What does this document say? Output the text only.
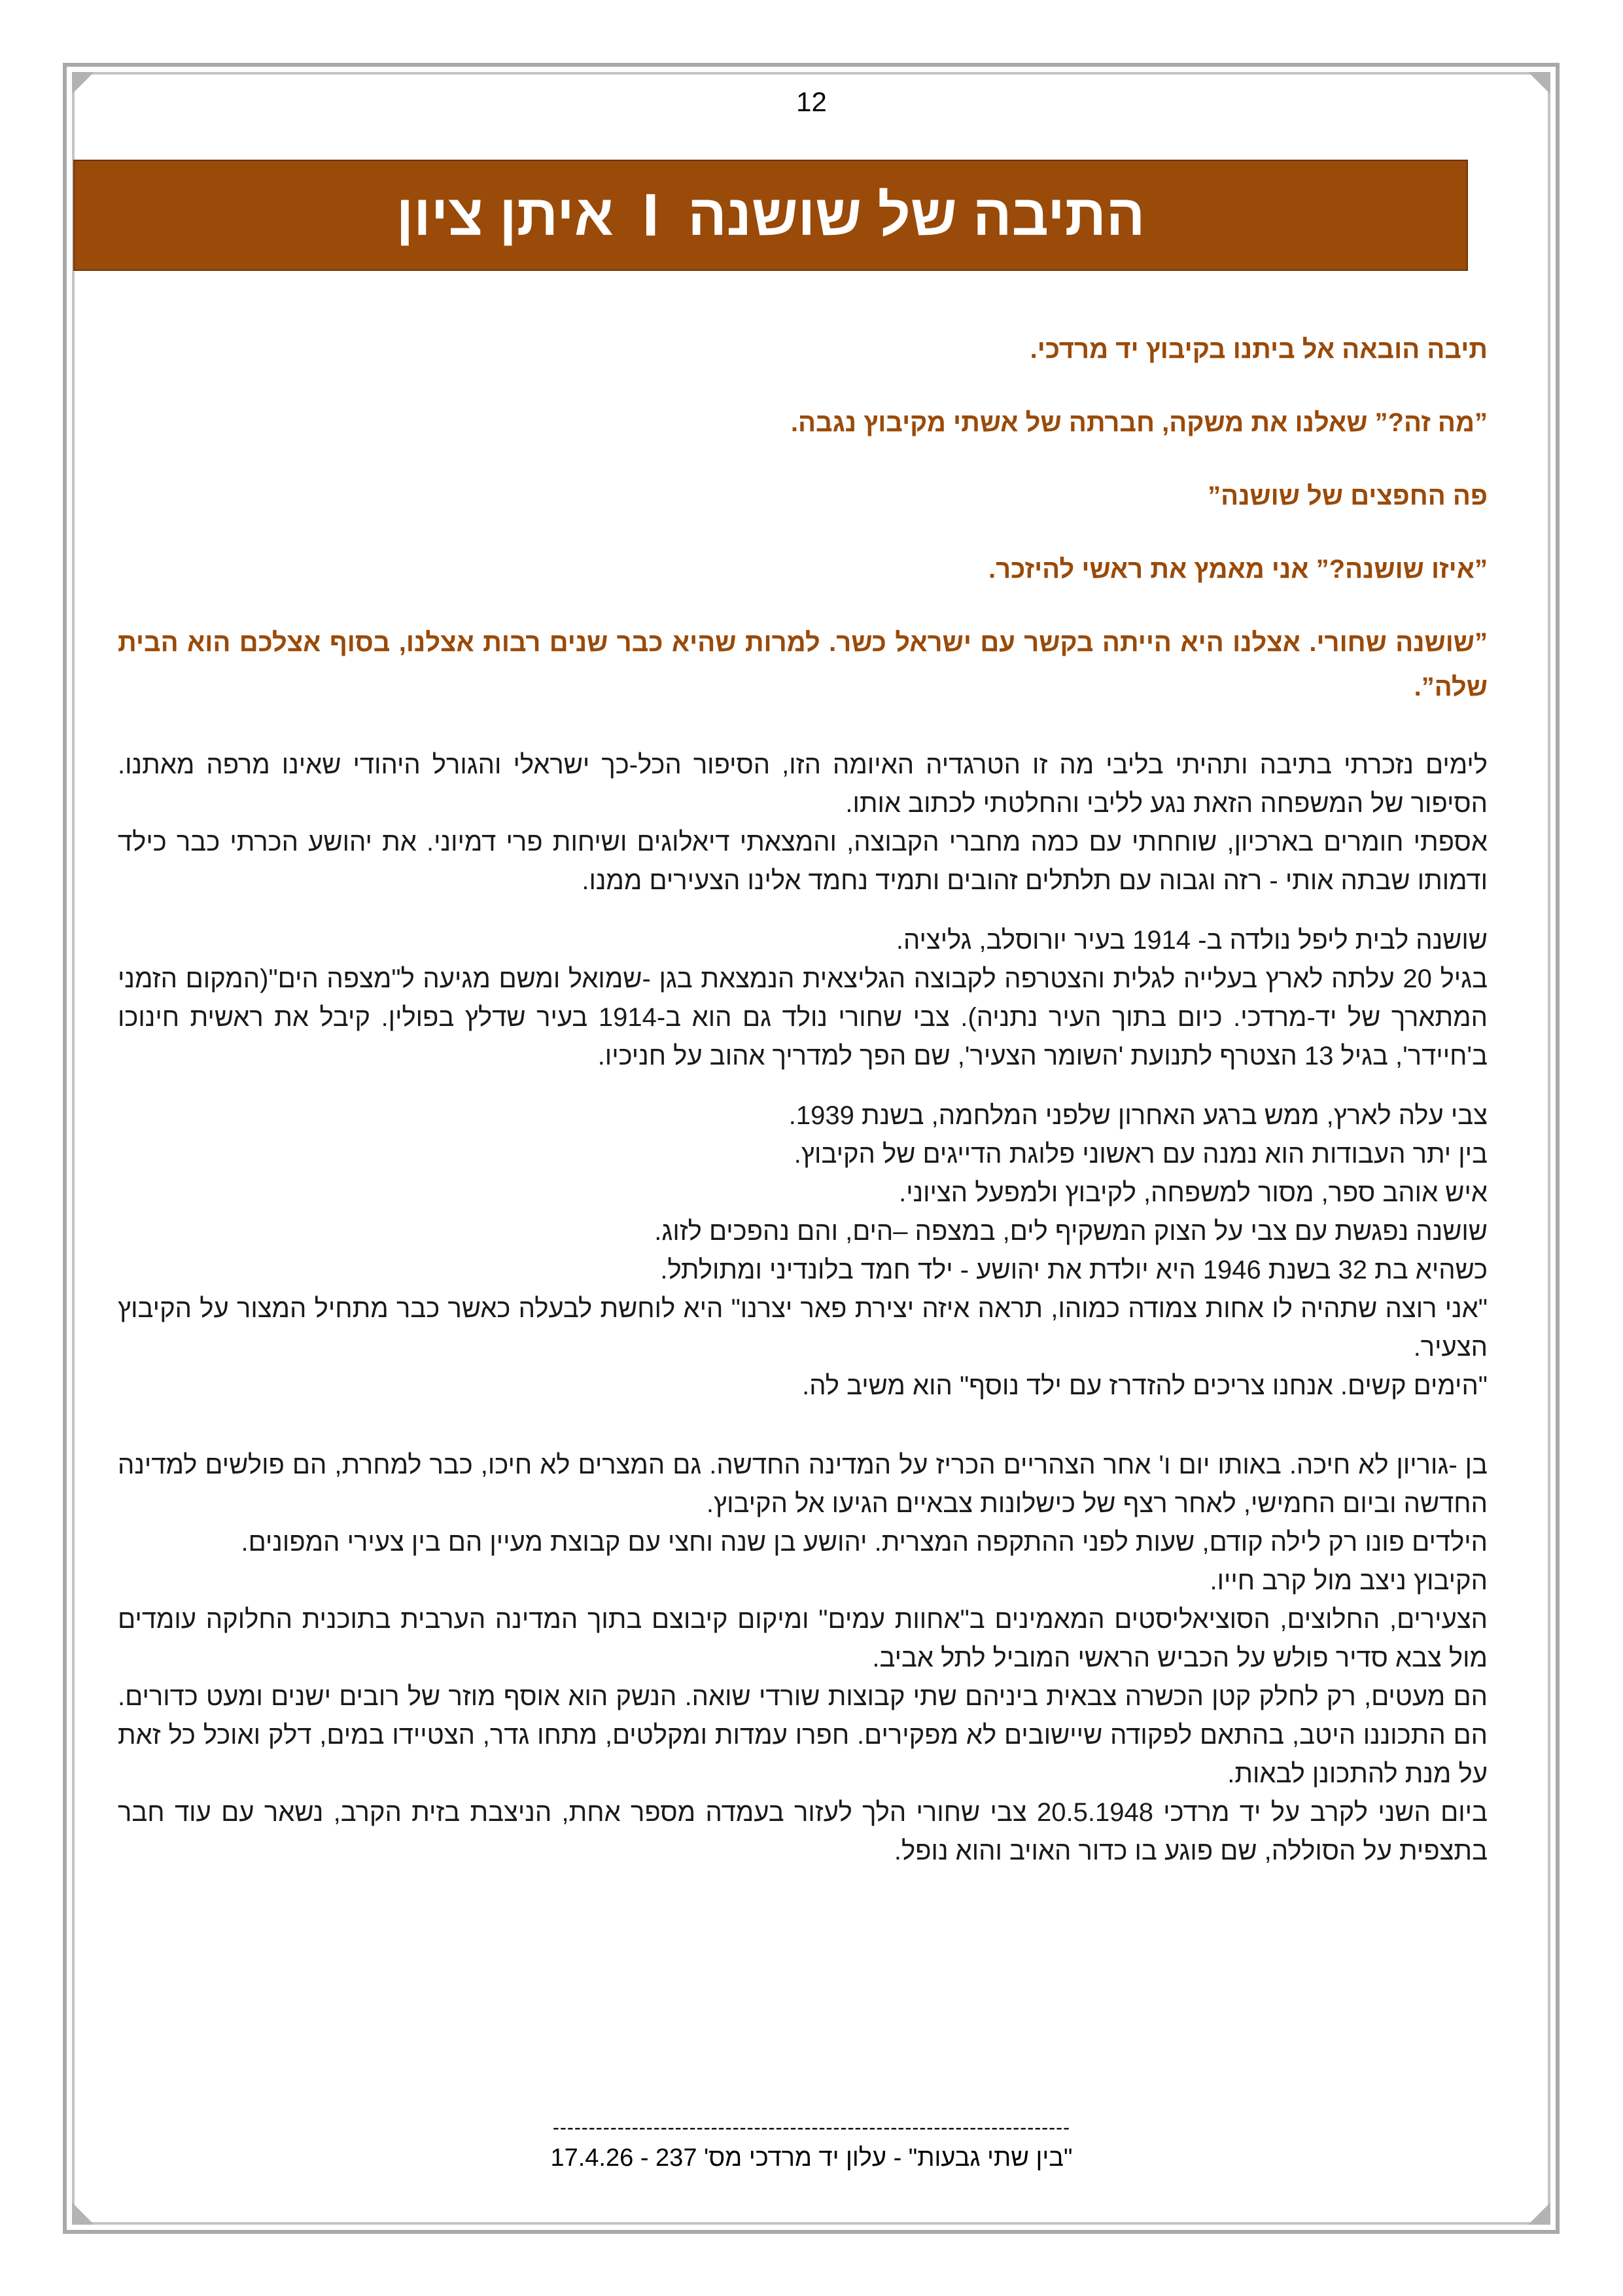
12
התיבה של שושנה
I
איתן ציון

תיבה הובאה אל ביתנו בקיבוץ יד מרדכי.

”מה זה?” שאלנו את משקה, חברתה של אשתי מקיבוץ נגבה.

פה החפצים של שושנה”

”איזו שושנה?” אני מאמץ את ראשי להיזכר.

”שושנה שחורי. אצלנו היא הייתה בקשר עם ישראל כשר. למרות שהיא כבר שנים רבות אצלנו, בסוף אצלכם הוא הבית שלה”.

לימים נזכרתי בתיבה ותהיתי בליבי מה זו הטרגדיה האיומה הזו, הסיפור הכל-כך ישראלי והגורל היהודי שאינו מרפה מאתנו. הסיפור של המשפחה הזאת נגע לליבי והחלטתי לכתוב אותו.
אספתי חומרים בארכיון, שוחחתי עם כמה מחברי הקבוצה, והמצאתי דיאלוגים ושיחות פרי דמיוני. את יהושע הכרתי כבר כילד ודמותו שבתה אותי - רזה וגבוה עם תלתלים זהובים ותמיד נחמד אלינו הצעירים ממנו.
שושנה לבית ליפל נולדה ב- 1914 בעיר יורוסלב, גליציה.
בגיל 20 עלתה לארץ בעלייה לגלית והצטרפה לקבוצה הגליצאית הנמצאת בגן -שמואל ומשם מגיעה ל"מצפה הים"(המקום הזמני המתארך של יד-מרדכי. כיום בתוך העיר נתניה). צבי שחורי נולד גם הוא ב-1914 בעיר שדלץ בפולין. קיבל את ראשית חינוכו ב'חיידר', בגיל 13 הצטרף לתנועת 'השומר הצעיר', שם הפך למדריך אהוב על חניכיו.
צבי עלה לארץ, ממש ברגע האחרון שלפני המלחמה, בשנת 1939.
בין יתר העבודות הוא נמנה עם ראשוני פלוגת הדייגים של הקיבוץ.
איש אוהב ספר, מסור למשפחה, לקיבוץ ולמפעל הציוני.
שושנה נפגשת עם צבי על הצוק המשקיף לים, במצפה –הים, והם נהפכים לזוג.
כשהיא בת 32 בשנת 1946 היא יולדת את יהושע - ילד חמד בלונדיני ומתולתל.
"אני רוצה שתהיה לו אחות צמודה כמוהו, תראה איזה יצירת פאר יצרנו" היא לוחשת לבעלה כאשר כבר מתחיל המצור על הקיבוץ הצעיר.
"הימים קשים. אנחנו צריכים להזדרז עם ילד נוסף" הוא משיב לה.
בן -גוריון לא חיכה. באותו יום ו' אחר הצהריים הכריז על המדינה החדשה. גם המצרים לא חיכו, כבר למחרת, הם פולשים למדינה החדשה וביום החמישי, לאחר רצף של כישלונות צבאיים הגיעו אל הקיבוץ.
הילדים פונו רק לילה קודם, שעות לפני ההתקפה המצרית. יהושע בן שנה וחצי עם קבוצת מעיין הם בין צעירי המפונים.
הקיבוץ ניצב מול קרב חייו.
הצעירים, החלוצים, הסוציאליסטים המאמינים ב"אחוות עמים" ומיקום קיבוצם בתוך המדינה הערבית בתוכנית החלוקה עומדים מול צבא סדיר פולש על הכביש הראשי המוביל לתל אביב.
הם מעטים, רק לחלק קטן הכשרה צבאית ביניהם שתי קבוצות שורדי שואה. הנשק הוא אוסף מוזר של רובים ישנים ומעט כדורים. הם התכוננו היטב, בהתאם לפקודה שיישובים לא מפקירים. חפרו עמדות ומקלטים, מתחו גדר, הצטיידו במים, דלק ואוכל כל זאת על מנת להתכונן לבאות.
ביום השני לקרב על יד מרדכי 20.5.1948 צבי שחורי הלך לעזור בעמדה מספר אחת, הניצבת בזית הקרב, נשאר עם עוד חבר בתצפית על הסוללה, שם פוגע בו כדור האויב והוא נופל.
------------------------------------------------------------------------
"בין שתי גבעות" - עלון יד מרדכי מס' 237 - 17.4.26
